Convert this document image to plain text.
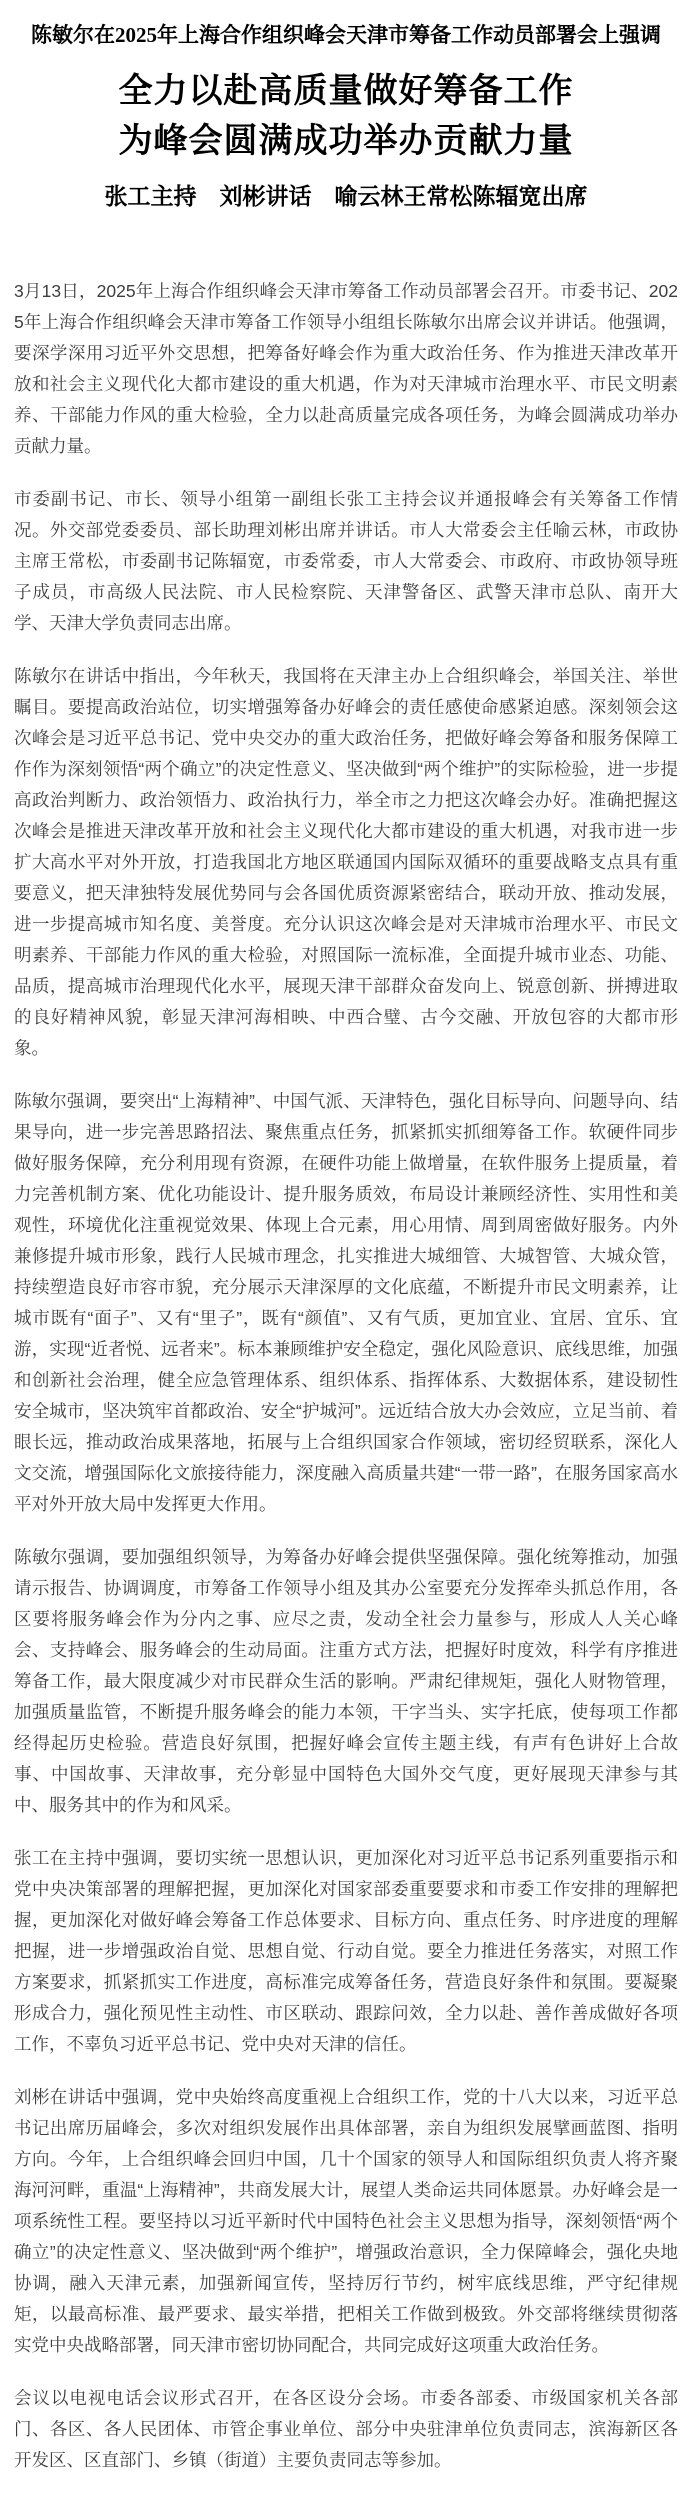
陈敏尔在2025年上海合作组织峰会天津市筹备工作动员部署会上强调
全力以赴高质量做好筹备工作
为峰会圆满成功举办贡献力量
张工主持　刘彬讲话　喻云林王常松陈辐宽出席

3月13日，2025年上海合作组织峰会天津市筹备工作动员部署会召开。市委书记、2025年上海合作组织峰会天津市筹备工作领导小组组长陈敏尔出席会议并讲话。他强调，要深学深用习近平外交思想，把筹备好峰会作为重大政治任务、作为推进天津改革开放和社会主义现代化大都市建设的重大机遇，作为对天津城市治理水平、市民文明素养、干部能力作风的重大检验，全力以赴高质量完成各项任务，为峰会圆满成功举办贡献力量。

市委副书记、市长、领导小组第一副组长张工主持会议并通报峰会有关筹备工作情况。外交部党委委员、部长助理刘彬出席并讲话。市人大常委会主任喻云林，市政协主席王常松，市委副书记陈辐宽，市委常委，市人大常委会、市政府、市政协领导班子成员，市高级人民法院、市人民检察院、天津警备区、武警天津市总队、南开大学、天津大学负责同志出席。

陈敏尔在讲话中指出，今年秋天，我国将在天津主办上合组织峰会，举国关注、举世瞩目。要提高政治站位，切实增强筹备办好峰会的责任感使命感紧迫感。深刻领会这次峰会是习近平总书记、党中央交办的重大政治任务，把做好峰会筹备和服务保障工作作为深刻领悟“两个确立”的决定性意义、坚决做到“两个维护”的实际检验，进一步提高政治判断力、政治领悟力、政治执行力，举全市之力把这次峰会办好。准确把握这次峰会是推进天津改革开放和社会主义现代化大都市建设的重大机遇，对我市进一步扩大高水平对外开放，打造我国北方地区联通国内国际双循环的重要战略支点具有重要意义，把天津独特发展优势同与会各国优质资源紧密结合，联动开放、推动发展，进一步提高城市知名度、美誉度。充分认识这次峰会是对天津城市治理水平、市民文明素养、干部能力作风的重大检验，对照国际一流标准，全面提升城市业态、功能、品质，提高城市治理现代化水平，展现天津干部群众奋发向上、锐意创新、拼搏进取的良好精神风貌，彰显天津河海相映、中西合璧、古今交融、开放包容的大都市形象。

陈敏尔强调，要突出“上海精神”、中国气派、天津特色，强化目标导向、问题导向、结果导向，进一步完善思路招法、聚焦重点任务，抓紧抓实抓细筹备工作。软硬件同步做好服务保障，充分利用现有资源，在硬件功能上做增量，在软件服务上提质量，着力完善机制方案、优化功能设计、提升服务质效，布局设计兼顾经济性、实用性和美观性，环境优化注重视觉效果、体现上合元素，用心用情、周到周密做好服务。内外兼修提升城市形象，践行人民城市理念，扎实推进大城细管、大城智管、大城众管，持续塑造良好市容市貌，充分展示天津深厚的文化底蕴，不断提升市民文明素养，让城市既有“面子”、又有“里子”，既有“颜值”、又有气质，更加宜业、宜居、宜乐、宜游，实现“近者悦、远者来”。标本兼顾维护安全稳定，强化风险意识、底线思维，加强和创新社会治理，健全应急管理体系、组织体系、指挥体系、大数据体系，建设韧性安全城市，坚决筑牢首都政治、安全“护城河”。远近结合放大办会效应，立足当前、着眼长远，推动政治成果落地，拓展与上合组织国家合作领域，密切经贸联系，深化人文交流，增强国际化文旅接待能力，深度融入高质量共建“一带一路”，在服务国家高水平对外开放大局中发挥更大作用。

陈敏尔强调，要加强组织领导，为筹备办好峰会提供坚强保障。强化统筹推动，加强请示报告、协调调度，市筹备工作领导小组及其办公室要充分发挥牵头抓总作用，各区要将服务峰会作为分内之事、应尽之责，发动全社会力量参与，形成人人关心峰会、支持峰会、服务峰会的生动局面。注重方式方法，把握好时度效，科学有序推进筹备工作，最大限度减少对市民群众生活的影响。严肃纪律规矩，强化人财物管理，加强质量监管，不断提升服务峰会的能力本领，干字当头、实字托底，使每项工作都经得起历史检验。营造良好氛围，把握好峰会宣传主题主线，有声有色讲好上合故事、中国故事、天津故事，充分彰显中国特色大国外交气度，更好展现天津参与其中、服务其中的作为和风采。

张工在主持中强调，要切实统一思想认识，更加深化对习近平总书记系列重要指示和党中央决策部署的理解把握，更加深化对国家部委重要要求和市委工作安排的理解把握，更加深化对做好峰会筹备工作总体要求、目标方向、重点任务、时序进度的理解把握，进一步增强政治自觉、思想自觉、行动自觉。要全力推进任务落实，对照工作方案要求，抓紧抓实工作进度，高标准完成筹备任务，营造良好条件和氛围。要凝聚形成合力，强化预见性主动性、市区联动、跟踪问效，全力以赴、善作善成做好各项工作，不辜负习近平总书记、党中央对天津的信任。

刘彬在讲话中强调，党中央始终高度重视上合组织工作，党的十八大以来，习近平总书记出席历届峰会，多次对组织发展作出具体部署，亲自为组织发展擘画蓝图、指明方向。今年，上合组织峰会回归中国，几十个国家的领导人和国际组织负责人将齐聚海河河畔，重温“上海精神”，共商发展大计，展望人类命运共同体愿景。办好峰会是一项系统性工程。要坚持以习近平新时代中国特色社会主义思想为指导，深刻领悟“两个确立”的决定性意义、坚决做到“两个维护”，增强政治意识，全力保障峰会，强化央地协调，融入天津元素，加强新闻宣传，坚持厉行节约，树牢底线思维，严守纪律规矩，以最高标准、最严要求、最实举措，把相关工作做到极致。外交部将继续贯彻落实党中央战略部署，同天津市密切协同配合，共同完成好这项重大政治任务。

会议以电视电话会议形式召开，在各区设分会场。市委各部委、市级国家机关各部门、各区、各人民团体、市管企事业单位、部分中央驻津单位负责同志，滨海新区各开发区、区直部门、乡镇（街道）主要负责同志等参加。
